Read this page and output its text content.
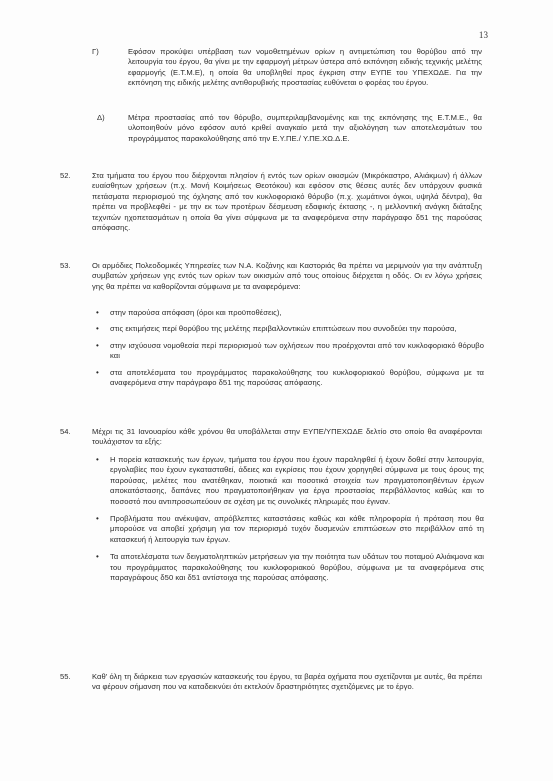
13
Γ)	Εφόσον προκύψει υπέρβαση των νομοθετημένων ορίων η αντιμετώπιση του θορύβου από την λειτουργία του έργου, θα γίνει με την εφαρμογή μέτρων ύστερα από εκπόνηση ειδικής τεχνικής μελέτης εφαρμογής (Ε.Τ.Μ.Ε), η οποία θα υποβληθεί προς έγκριση στην ΕΥΠΕ του ΥΠΕΧΩΔΕ. Για την εκπόνηση της ειδικής μελέτης αντιθορυβικής προστασίας ευθύνεται ο φορέας του έργου.
Δ)	Μέτρα προστασίας από τον θόρυβο, συμπεριλαμβανομένης και της εκπόνησης της Ε.Τ.Μ.Ε., θα υλοποιηθούν μόνο εφόσον αυτό κριθεί αναγκαίο μετά την αξιολόγηση των αποτελεσμάτων του προγράμματος παρακολούθησης από την Ε.Υ.ΠΕ./ Υ.ΠΕ.ΧΩ.Δ.Ε.
52.	Στα τμήματα του έργου που διέρχονται πλησίον ή εντός των ορίων οικισμών (Μικρόκαστρο, Αλιάκμων) ή άλλων ευαίσθητων χρήσεων (π.χ. Μονή Κοιμήσεως Θεοτόκου) και εφόσον στις θέσεις αυτές δεν υπάρχουν φυσικά πετάσματα περιορισμού της όχλησης από τον κυκλοφοριακό θόρυβο (π.χ. χωμάτινοι όγκοι, υψηλά δέντρα), θα πρέπει να προβλεφθεί - με την εκ των προτέρων δέσμευση εδαφικής έκτασης -, η μελλοντική ανάγκη διάταξης τεχνιτών ηχοπετασμάτων η οποία θα γίνει σύμφωνα με τα αναφερόμενα στην παράγραφο δ51 της παρούσας απόφασης.
53.	Οι αρμόδιες Πολεοδομικές Υπηρεσίες των Ν.Α. Κοζάνης και Καστοριάς θα πρέπει να μεριμνούν για την ανάπτυξη συμβατών χρήσεων γης εντός των ορίων των οικισμών από τους οποίους διέρχεται η οδός. Οι εν λόγω χρήσεις γης θα πρέπει να καθορίζονται σύμφωνα με τα αναφερόμενα:
• στην παρούσα απόφαση (όροι και προϋποθέσεις),
• στις εκτιμήσεις περί θορύβου της μελέτης περιβαλλοντικών επιπτώσεων που συνοδεύει την παρούσα,
• στην ισχύουσα νομοθεσία περί περιορισμού των οχλήσεων που προέρχονται από τον κυκλοφοριακό θόρυβο και
• στα αποτελέσματα του προγράμματος παρακολούθησης του κυκλοφοριακού θορύβου, σύμφωνα με τα αναφερόμενα στην παράγραφο δ51 της παρούσας απόφασης.
54.	Μέχρι τις 31 Ιανουαρίου κάθε χρόνου θα υποβάλλεται στην ΕΥΠΕ/ΥΠΕΧΩΔΕ δελτίο στο οποίο θα αναφέρονται τουλάχιστον τα εξής:
• Η πορεία κατασκευής των έργων, τμήματα του έργου που έχουν παραληφθεί ή έχουν δοθεί στην λειτουργία, εργολαβίες που έχουν εγκατασταθεί, άδειες και εγκρίσεις που έχουν χορηγηθεί σύμφωνα με τους όρους της παρούσας, μελέτες που ανατέθηκαν, ποιοτικά και ποσοτικά στοιχεία των πραγματοποιηθέντων έργων αποκατάστασης, δαπάνες που πραγματοποιήθηκαν για έργα προστασίας περιβάλλοντος καθώς και το ποσοστό που αντιπροσωπεύουν σε σχέση με τις συνολικές πληρωμές που έγιναν.
• Προβλήματα που ανέκυψαν, απρόβλεπτες καταστάσεις καθώς και κάθε πληροφορία ή πρόταση που θα μπορούσε να αποβεί χρήσιμη για τον περιορισμό τυχόν δυσμενών επιπτώσεων στο περιβάλλον από τη κατασκευή ή λειτουργία των έργων.
• Τα αποτελέσματα των δειγματοληπτικών μετρήσεων για την ποιότητα των υδάτων του ποταμού Αλιάκμονα και του προγράμματος παρακολούθησης του κυκλοφοριακού θορύβου, σύμφωνα με τα αναφερόμενα στις παραγράφους δ50 και δ51 αντίστοιχα της παρούσας απόφασης.
55.	Καθ' όλη τη διάρκεια των εργασιών κατασκευής του έργου, τα βαρέα οχήματα που σχετίζονται με αυτές, θα πρέπει να φέρουν σήμανση που να καταδεικνύει ότι εκτελούν δραστηριότητες σχετιζόμενες με το έργο.
